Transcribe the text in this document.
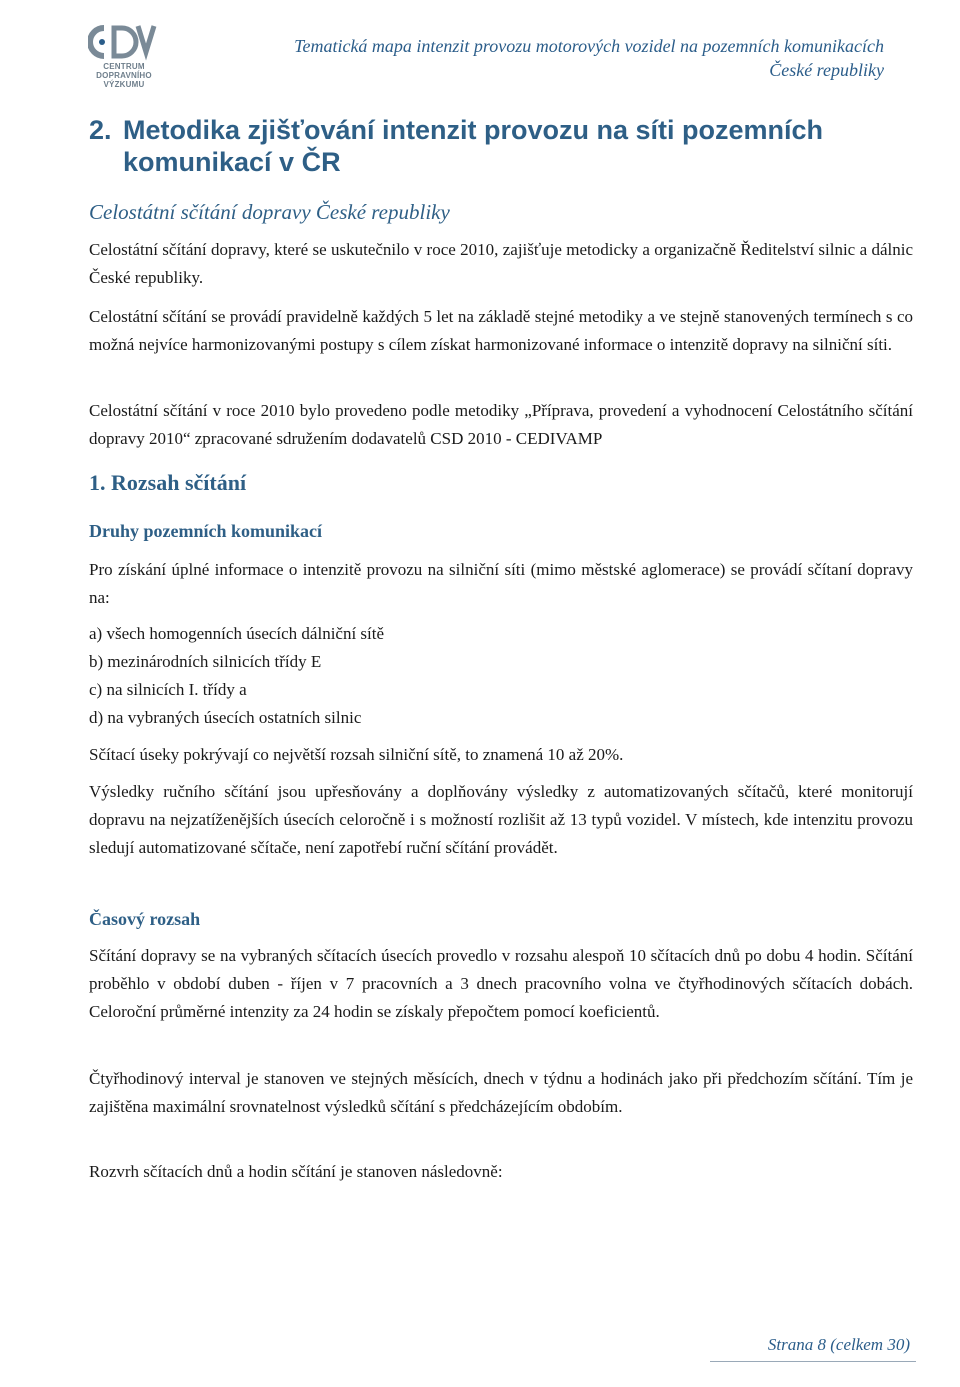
CENTRUM
DOPRAVNÍHO
VÝZKUMU
Tematická mapa intenzit provozu motorových vozidel na pozemních komunikacích
České republiky
2. Metodika zjišťování intenzit provozu na síti pozemních
komunikací v ČR
Celostátní sčítání dopravy České republiky

Celostátní sčítání dopravy, které se uskutečnilo v roce 2010, zajišťuje metodicky a organizačně Ředitelství silnic a dálnic České republiky.

Celostátní sčítání se provádí pravidelně každých 5 let na základě stejné metodiky a ve stejně stanovených termínech s co možná nejvíce harmonizovanými postupy s cílem získat harmonizované informace o intenzitě dopravy na silniční síti.

Celostátní sčítání v roce 2010 bylo provedeno podle metodiky „Příprava, provedení a vyhodnocení Celostátního sčítání dopravy 2010“ zpracované sdružením dodavatelů CSD 2010 - CEDIVAMP

1. Rozsah sčítání
Druhy pozemních komunikací

Pro získání úplné informace o intenzitě provozu na silniční síti (mimo městské aglomerace) se provádí sčítaní dopravy na:

a) všech homogenních úsecích dálniční sítě
b) mezinárodních silnicích třídy E
c) na silnicích I. třídy a
d) na vybraných úsecích ostatních silnic

Sčítací úseky pokrývají co největší rozsah silniční sítě, to znamená 10 až 20%.

Výsledky ručního sčítání jsou upřesňovány a doplňovány výsledky z automatizovaných sčítačů, které monitorují dopravu na nejzatíženějších úsecích celoročně i s možností rozlišit až 13 typů vozidel. V místech, kde intenzitu provozu sledují automatizované sčítače, není zapotřebí ruční sčítání provádět.

Časový rozsah

Sčítání dopravy se na vybraných sčítacích úsecích provedlo v rozsahu alespoň 10 sčítacích dnů po dobu 4 hodin. Sčítání proběhlo v období duben - říjen v 7 pracovních a 3 dnech pracovního volna ve čtyřhodinových sčítacích dobách. Celoroční průměrné intenzity za 24 hodin se získaly přepočtem pomocí koeficientů.

Čtyřhodinový interval je stanoven ve stejných měsících, dnech v týdnu a hodinách jako při předchozím sčítání. Tím je zajištěna maximální srovnatelnost výsledků sčítání s předcházejícím obdobím.

Rozvrh sčítacích dnů a hodin sčítání je stanoven následovně:

Strana 8 (celkem 30)
